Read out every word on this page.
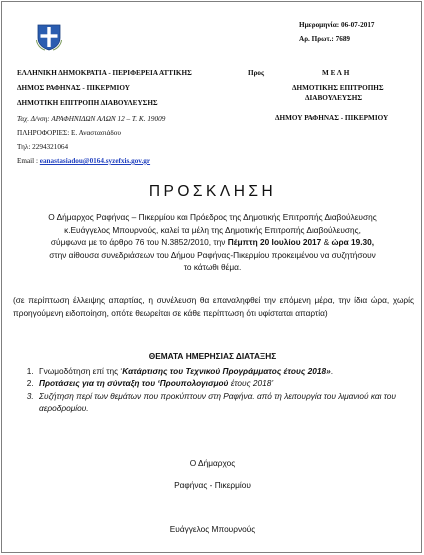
Ημερομηνία: 06-07-2017
Αρ. Πρωτ.: 7689
ΕΛΛΗΝΙΚΗ ΔΗΜΟΚΡΑΤΙΑ - ΠΕΡΙΦΕΡΕΙΑ ΑΤΤΙΚΗΣ
ΔΗΜΟΣ ΡΑΦΗΝΑΣ - ΠΙΚΕΡΜΙΟΥ
ΔΗΜΟΤΙΚΗ ΕΠΙΤΡΟΠΗ ΔΙΑΒΟΥΛΕΥΣΗΣ
Ταχ. Δ/νση: ΑΡΑΦΗΝΙΔΩΝ ΑΛΩΝ 12 – Τ. Κ. 19009
ΠΛΗΡΟΦΟΡΙΕΣ: Ε. Αναστασιάδου
Τηλ: 2294321064
Email : eanastasiadou@0164.syzefxis.gov.gr
Προς	Μ Ε Λ Η
ΔΗΜΟΤΙΚΗΣ ΕΠΙΤΡΟΠΗΣ
ΔΙΑΒΟΥΛΕΥΣΗΣ
ΔΗΜΟΥ ΡΑΦΗΝΑΣ - ΠΙΚΕΡΜΙΟΥ
ΠΡΟΣΚΛΗΣΗ
Ο Δήμαρχος Ραφήνας – Πικερμίου και Πρόεδρος της Δημοτικής Επιτροπής Διαβούλευσης
κ.Ευάγγελος Μπουρνούς, καλεί τα μέλη της Δημοτικής Επιτροπής Διαβούλευσης,
σύμφωνα με το άρθρο 76 του Ν.3852/2010, την Πέμπτη 20 Ιουλίου 2017 & ώρα 19.30,
στην αίθουσα συνεδριάσεων του Δήμου Ραφήνας-Πικερμίου προκειμένου να συζητήσουν
το κάτωθι θέμα.
(σε περίπτωση έλλειψης απαρτίας, η συνέλευση θα επαναληφθεί την επόμενη μέρα, την ίδια ώρα, χωρίς προηγούμενη ειδοποίηση, οπότε θεωρείται σε κάθε περίπτωση ότι υφίσταται απαρτία)
ΘΕΜΑΤΑ ΗΜΕΡΗΣΙΑΣ ΔΙΑΤΑΞΗΣ
1. Γνωμοδότηση επί της ‘Κατάρτισης του Τεχνικού Προγράμματος έτους 2018».
2. Προτάσεις για τη σύνταξη του ‘Προυπολογισμού έτους 2018’
3. Συζήτηση περί των θεμάτων που προκύπτουν στη Ραφήνα. από τη λειτουργία του λιμανιού και του αεροδρομίου.
Ο Δήμαρχος
Ραφήνας - Πικερμίου
Ευάγγελος Μπουρνούς
